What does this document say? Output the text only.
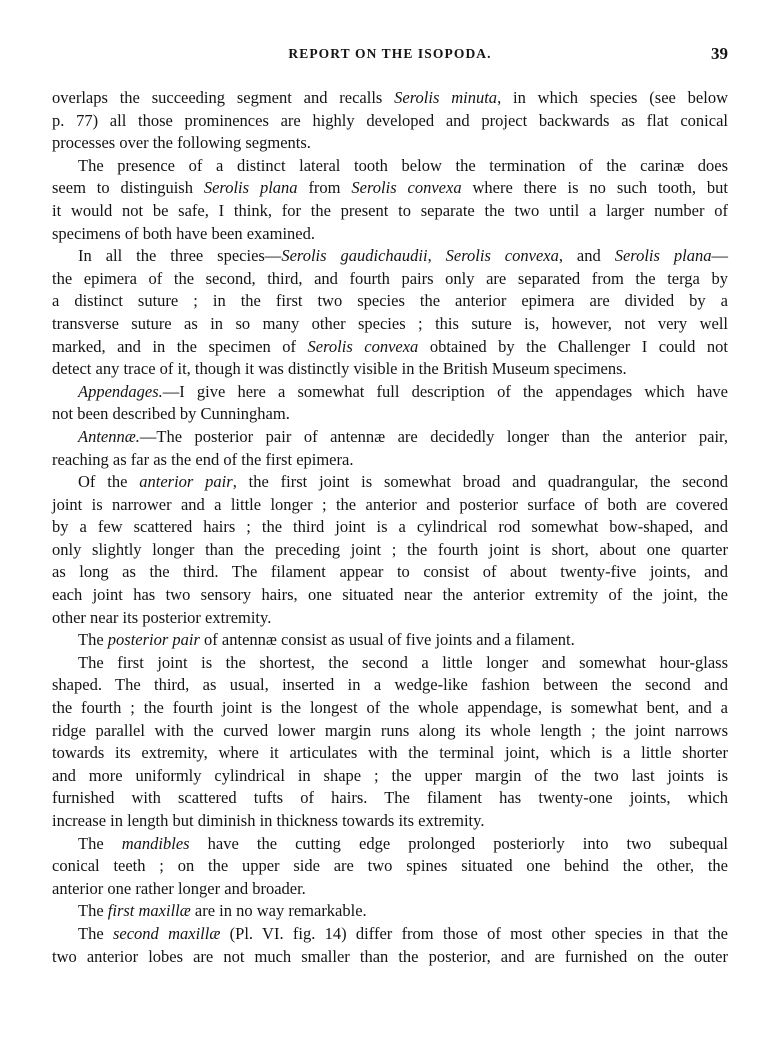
REPORT ON THE ISOPODA.	39
overlaps the succeeding segment and recalls Serolis minuta, in which species (see below
p. 77) all those prominences are highly developed and project backwards as flat conical
processes over the following segments.
The presence of a distinct lateral tooth below the termination of the carinæ does
seem to distinguish Serolis plana from Serolis convexa where there is no such tooth, but
it would not be safe, I think, for the present to separate the two until a larger number of
specimens of both have been examined.
In all the three species—Serolis gaudichaudii, Serolis convexa, and Serolis plana—
the epimera of the second, third, and fourth pairs only are separated from the terga by
a distinct suture ; in the first two species the anterior epimera are divided by a
transverse suture as in so many other species ; this suture is, however, not very well
marked, and in the specimen of Serolis convexa obtained by the Challenger I could not
detect any trace of it, though it was distinctly visible in the British Museum specimens.
Appendages.—I give here a somewhat full description of the appendages which have
not been described by Cunningham.
Antennæ.—The posterior pair of antennæ are decidedly longer than the anterior pair,
reaching as far as the end of the first epimera.
Of the anterior pair, the first joint is somewhat broad and quadrangular, the second
joint is narrower and a little longer ; the anterior and posterior surface of both are covered
by a few scattered hairs ; the third joint is a cylindrical rod somewhat bow-shaped, and
only slightly longer than the preceding joint ; the fourth joint is short, about one quarter
as long as the third. The filament appear to consist of about twenty-five joints, and
each joint has two sensory hairs, one situated near the anterior extremity of the joint, the
other near its posterior extremity.
The posterior pair of antennæ consist as usual of five joints and a filament.
The first joint is the shortest, the second a little longer and somewhat hour-glass
shaped. The third, as usual, inserted in a wedge-like fashion between the second and
the fourth ; the fourth joint is the longest of the whole appendage, is somewhat bent, and a
ridge parallel with the curved lower margin runs along its whole length ; the joint narrows
towards its extremity, where it articulates with the terminal joint, which is a little shorter
and more uniformly cylindrical in shape ; the upper margin of the two last joints is
furnished with scattered tufts of hairs. The filament has twenty-one joints, which
increase in length but diminish in thickness towards its extremity.
The mandibles have the cutting edge prolonged posteriorly into two subequal
conical teeth ; on the upper side are two spines situated one behind the other, the
anterior one rather longer and broader.
The first maxillæ are in no way remarkable.
The second maxillæ (Pl. VI. fig. 14) differ from those of most other species in that the
two anterior lobes are not much smaller than the posterior, and are furnished on the outer
